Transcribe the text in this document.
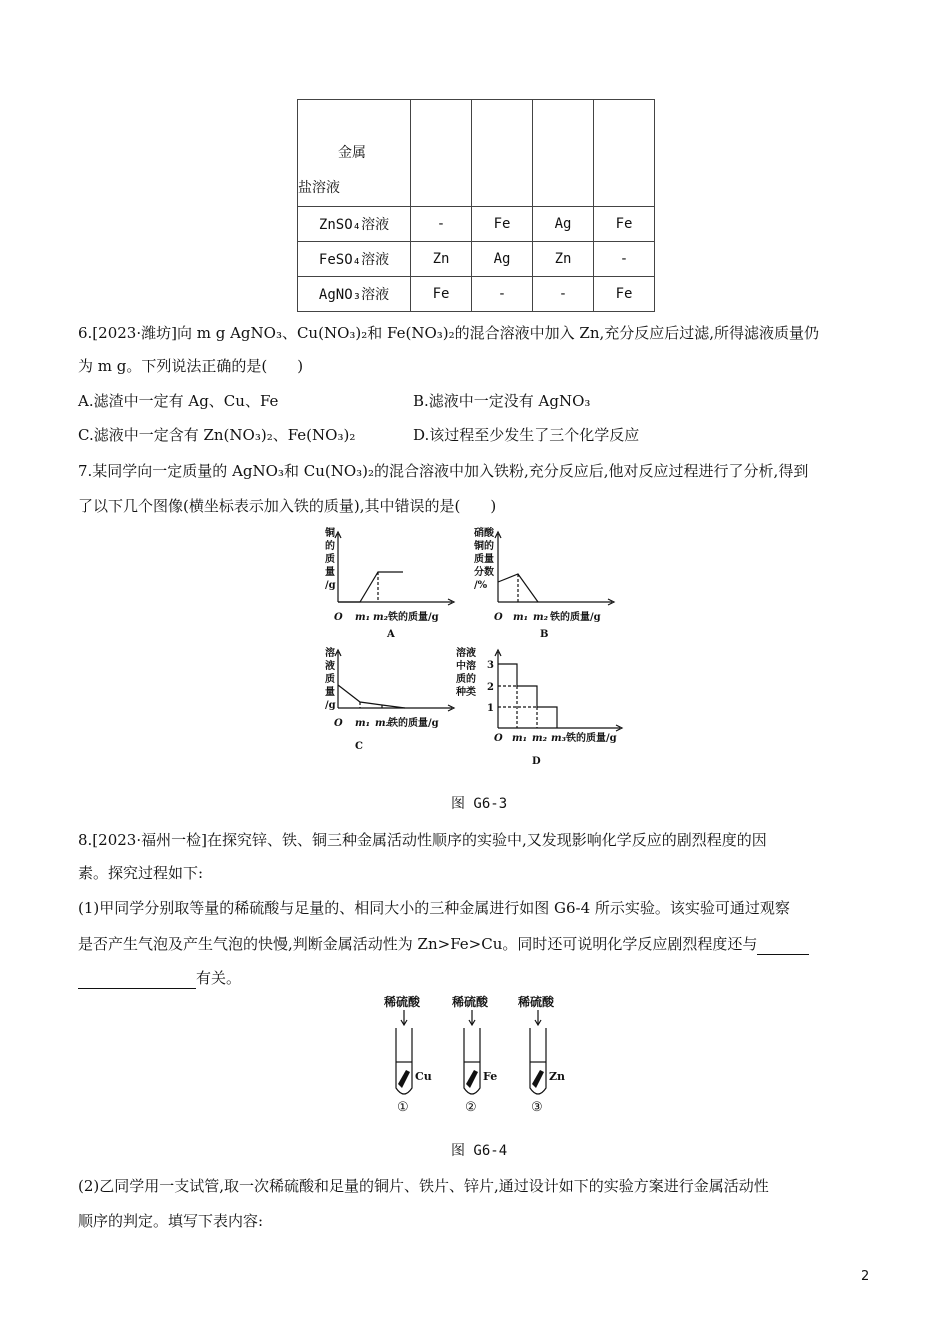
金属
盐溶液				

ZnSO₄溶液	-	Fe	Ag	Fe
FeSO₄溶液	Zn	Ag	Zn	-
AgNO₃溶液	Fe	-	-	Fe
6.[2023·潍坊]向 m g AgNO₃、Cu(NO₃)₂和 Fe(NO₃)₂的混合溶液中加入 Zn,充分反应后过滤,所得滤液质量仍
为 m g。下列说法正确的是(　　)
A.滤渣中一定有 Ag、Cu、Fe	B.滤液中一定没有 AgNO₃
C.滤液中一定含有 Zn(NO₃)₂、Fe(NO₃)₂	D.该过程至少发生了三个化学反应
7.某同学向一定质量的 AgNO₃和 Cu(NO₃)₂的混合溶液中加入铁粉,充分反应后,他对反应过程进行了分析,得到
了以下几个图像(横坐标表示加入铁的质量),其中错误的是(　　)
铜
的
质
量
/g
O m₁ m₂ 铁的质量/g
A
硝酸
铜的
质量
分数
/%
O m₁ m₂ 铁的质量/g
B
溶
液
质
量
/g
O m₁ m₂
铁的质量/g
C
溶液
中溶
质的
种类
3
2
1
O m₁ m₂ m₃ 铁的质量/g
D
图 G6-3
8.[2023·福州一检]在探究锌、铁、铜三种金属活动性顺序的实验中,又发现影响化学反应的剧烈程度的因
素。探究过程如下:
(1)甲同学分别取等量的稀硫酸与足量的、相同大小的三种金属进行如图 G6-4 所示实验。该实验可通过观察
是否产生气泡及产生气泡的快慢,判断金属活动性为 Zn>Fe>Cu。同时还可说明化学反应剧烈程度还与
有关。
稀硫酸	稀硫酸 稀硫酸
Cu	Fe	Zn
①	②	③
图 G6-4
(2)乙同学用一支试管,取一次稀硫酸和足量的铜片、铁片、锌片,通过设计如下的实验方案进行金属活动性
顺序的判定。填写下表内容:
2
